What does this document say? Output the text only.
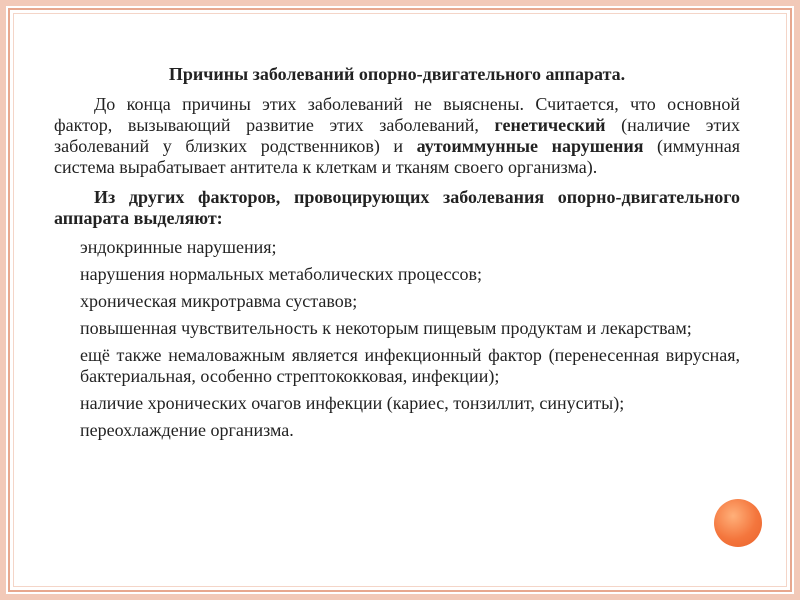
Причины заболеваний опорно-двигательного аппарата.

До конца причины этих заболеваний не выяснены. Считается, что основной фактор, вызывающий развитие этих заболеваний, генетический (наличие этих заболеваний у близких родственников) и аутоиммунные нарушения (иммунная система вырабатывает антитела к клеткам и тканям своего организма).

Из других факторов, провоцирующих заболевания опорно-двигательного аппарата выделяют:

эндокринные нарушения;
нарушения нормальных метаболических процессов;
хроническая микротравма суставов;
повышенная чувствительность к некоторым пищевым продуктам и лекарствам;
ещё также немаловажным является инфекционный фактор (перенесенная вирусная, бактериальная, особенно стрептококковая, инфекции);
наличие хронических очагов инфекции (кариес, тонзиллит, синуситы);
переохлаждение организма.
